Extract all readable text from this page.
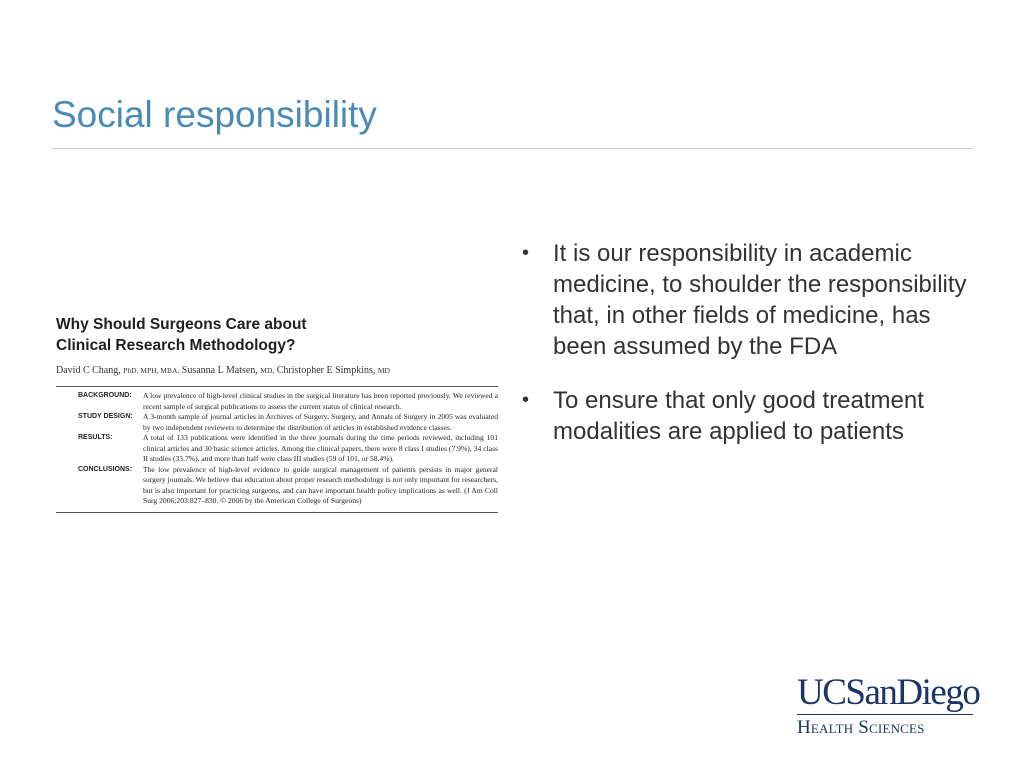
Social responsibility

Why Should Surgeons Care about
Clinical Research Methodology?

David C Chang, PhD, MPH, MBA, Susanna L Matsen, MD, Christopher E Simpkins, MD
BACKGROUND:	A low prevalence of high-level clinical studies in the surgical literature has been reported previously. We reviewed a recent sample of surgical publications to assess the current status of clinical research.
STUDY DESIGN:	A 3-month sample of journal articles in Archives of Surgery, Surgery, and Annals of Surgery in 2005 was evaluated by two independent reviewers to determine the distribution of articles in established evidence classes.
RESULTS:	A total of 133 publications were identified in the three journals during the time periods reviewed, including 101 clinical articles and 30 basic science articles. Among the clinical papers, there were 8 class I studies (7.9%), 34 class II studies (33.7%), and more than half were class III studies (59 of 101, or 58.4%).
CONCLUSIONS:	The low prevalence of high-level evidence to guide surgical management of patients persists in major general surgery journals. We believe that education about proper research methodology is not only important for researchers, but is also important for practicing surgeons, and can have important health policy implications as well. (J Am Coll Surg 2006;203:827–830. © 2006 by the American College of Surgeons)
• It is our responsibility in academic medicine, to shoulder the responsibility that, in other fields of medicine, has been assumed by the FDA
• To ensure that only good treatment modalities are applied to patients
UCSanDiego
Health Sciences
